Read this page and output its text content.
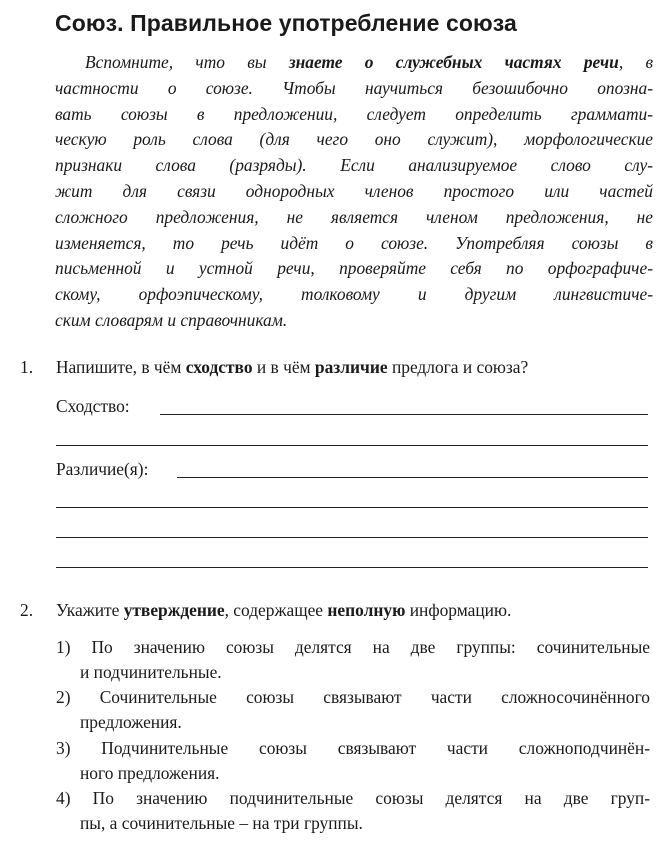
Союз. Правильное употребление союза
Вспомните, что вы знаете о служебных частях речи, в
частности о союзе. Чтобы научиться безошибочно опозна-
вать союзы в предложении, следует определить граммати-
ческую роль слова (для чего оно служит), морфологические
признаки слова (разряды). Если анализируемое слово слу-
жит для связи однородных членов простого или частей
сложного предложения, не является членом предложения, не
изменяется, то речь идёт о союзе. Употребляя союзы в
письменной и устной речи, проверяйте себя по орфографиче-
скому, орфоэпическому, толковому и другим лингвистиче-
ским словарям и справочникам.
1. Напишите, в чём сходство и в чём различие предлога и союза?
Сходство:
Различие(я):
2. Укажите утверждение, содержащее неполную информацию.
1) По значению союзы делятся на две группы: сочинительные
и подчинительные.
2) Сочинительные союзы связывают части сложносочинённого
предложения.
3) Подчинительные союзы связывают части сложноподчинён-
ного предложения.
4) По значению подчинительные союзы делятся на две груп-
пы, а сочинительные – на три группы.
